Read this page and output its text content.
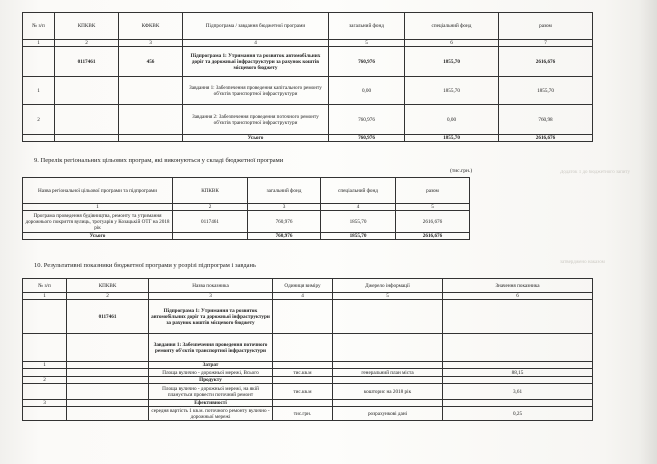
Додаток 1 до бюджетного запиту
затверджено наказом
№ з/п	КПКВК	КФКВК	Підпрограма / завдання бюджетної програми	загальний фонд	спеціальний фонд	разом
1	2	3	4	5	6	7
	0117461	456	Підпрограма 1: Утримання та розвиток автомобільних доріг та дорожньої інфраструктури за рахунок коштів місцевого бюджету	760,976	1855,70	2616,676
1			Завдання 1: Забезпечення проведення капітального ремонту об'єктів транспортної інфраструктури	0,00	1855,70	1855,70
2			Завдання 2: Забезпечення проведення поточного ремонту об'єктів транспортної інфраструктури	760,976	0,00	760,98
			Усього	760,976	1855,70	2616,676
9. Перелік регіональних цільових програм, які виконуються у складі бюджетної програми
(тис.грн.)
Назва регіональної цільової програми та підпрограми	КПКВК	загальний фонд	спеціальний фонд	разом
1	2	3	4	5
Програма проведення будівництва, ремонту та утримання дорожнього покриття вулиць, тротуарів у Козацькій ОТГ на 2018 рік	0117461	760,976	1855,70	2616,676
Усього		760,976	1855,70	2616,676
10. Результативні показники бюджетної програми у розрізі підпрограм і завдань
№ з/п	КПКВК	Назва показника	Одиниця виміру	Джерело інформації	Значення показника
1	2	3	4	5	6
	0117461	Підпрограма 1: Утримання та розвиток автомобільних доріг та дорожньої інфраструктури за рахунок коштів місцевого бюджету			
		Завдання 1: Забезпечення проведення поточного ремонту об'єктів транспортної інфраструктури			
1		Затрат			
		Площа вулично - дорожньої мережі, Всього	тис.кв.м	генеральний план міста	88,15
2		Продукту			
		Площа вулично - дорожньої мережі, на якій планується провести поточний ремонт	тис.кв.м	кошторис на 2018 рік	3,61
3		Ефективності			
		середня вартість 1 кв.м. поточного ремонту вулично - дорожньої мережі	тис.грн.	розрахункові дані	0,25
